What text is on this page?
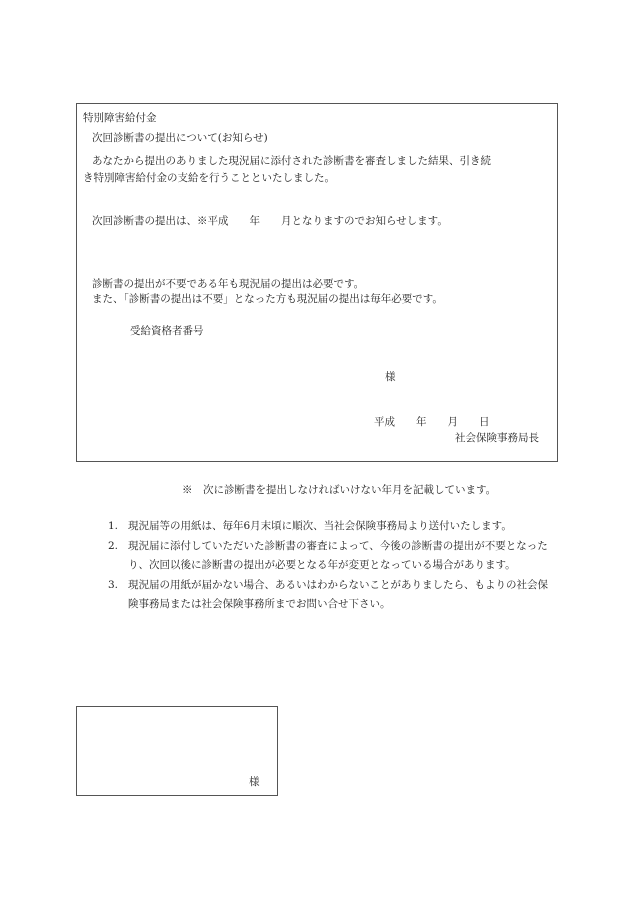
特別障害給付金
次回診断書の提出について(お知らせ)
あなたから提出のありました現況届に添付された診断書を審査しました結果、引き続
き特別障害給付金の支給を行うことといたしました。
次回診断書の提出は、※平成　　年　　月となりますのでお知らせします。
診断書の提出が不要である年も現況届の提出は必要です。
また、「診断書の提出は不要」となった方も現況届の提出は毎年必要です。
受給資格者番号
様
平成　　年　　月　　日
社会保険事務局長
※　次に診断書を提出しなければいけない年月を記載しています。
1. 現況届等の用紙は、毎年6月末頃に順次、当社会保険事務局より送付いたします。
2. 現況届に添付していただいた診断書の審査によって、今後の診断書の提出が不要となったり、次回以後に診断書の提出が必要となる年が変更となっている場合があります。
3. 現況届の用紙が届かない場合、あるいはわからないことがありましたら、もよりの社会保険事務局または社会保険事務所までお問い合せ下さい。
様
